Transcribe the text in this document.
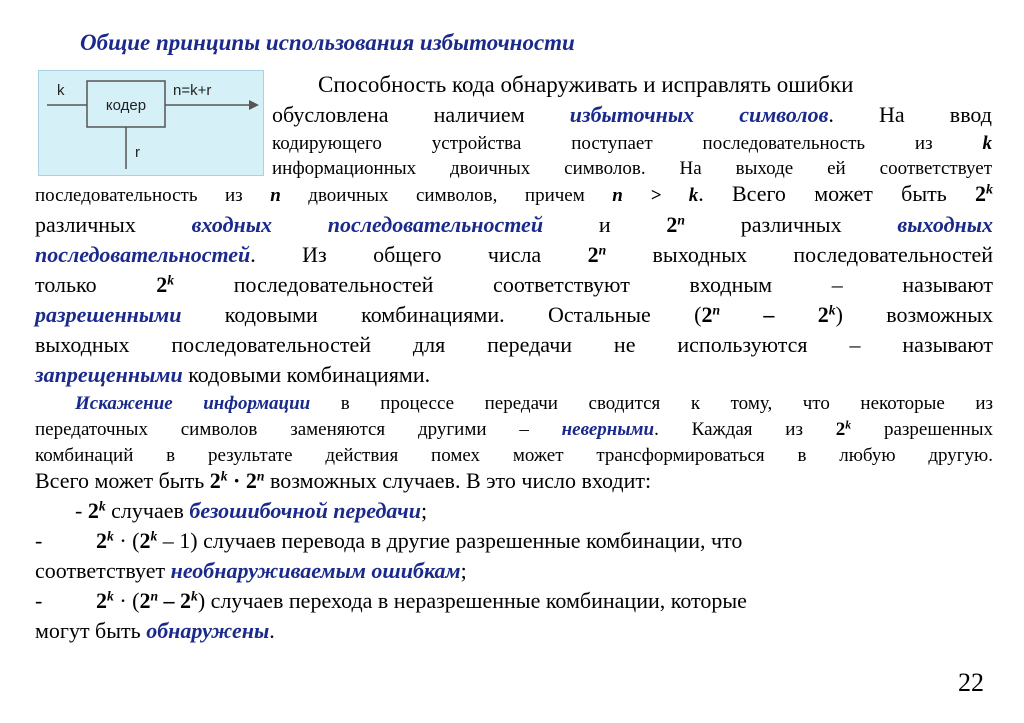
Общие принципы использования избыточности
k
кодер
n=k+r
r
Способность кода обнаруживать и исправлять ошибки
обусловлена наличием избыточных символов. На ввод
кодирующего устройства поступает последовательность из k
информационных двоичных символов. На выходе ей соответствует
последовательность из n двоичных символов, причем n > k. Всего может быть 2$^k$
различных входных последовательностей и 2$^n$ различных выходных
последовательностей. Из общего числа 2$^n$ выходных последовательностей
только 2$^k$ последовательностей соответствуют входным – называют
разрешенными кодовыми комбинациями. Остальные (2$^n$ – 2$^k$) возможных
выходных последовательностей для передачи не используются – называют
запрещенными кодовыми комбинациями.
Искажение информации в процессе передачи сводится к тому, что некоторые из
передаточных символов заменяются другими – неверными. Каждая из 2$^k$ разрешенных
комбинаций в результате действия помех может трансформироваться в любую другую.
Всего может быть $2^k \cdot 2^n$ возможных случаев. В это число входит:
- 2$^k$ случаев безошибочной передачи;
- $2^k \cdot (2^k - 1)$ случаев перевода в другие разрешенные комбинации, что
соответствует необнаруживаемым ошибкам;
- $2^k \cdot (2^n - 2^k)$ случаев перехода в неразрешенные комбинации, которые
могут быть обнаружены.
22
